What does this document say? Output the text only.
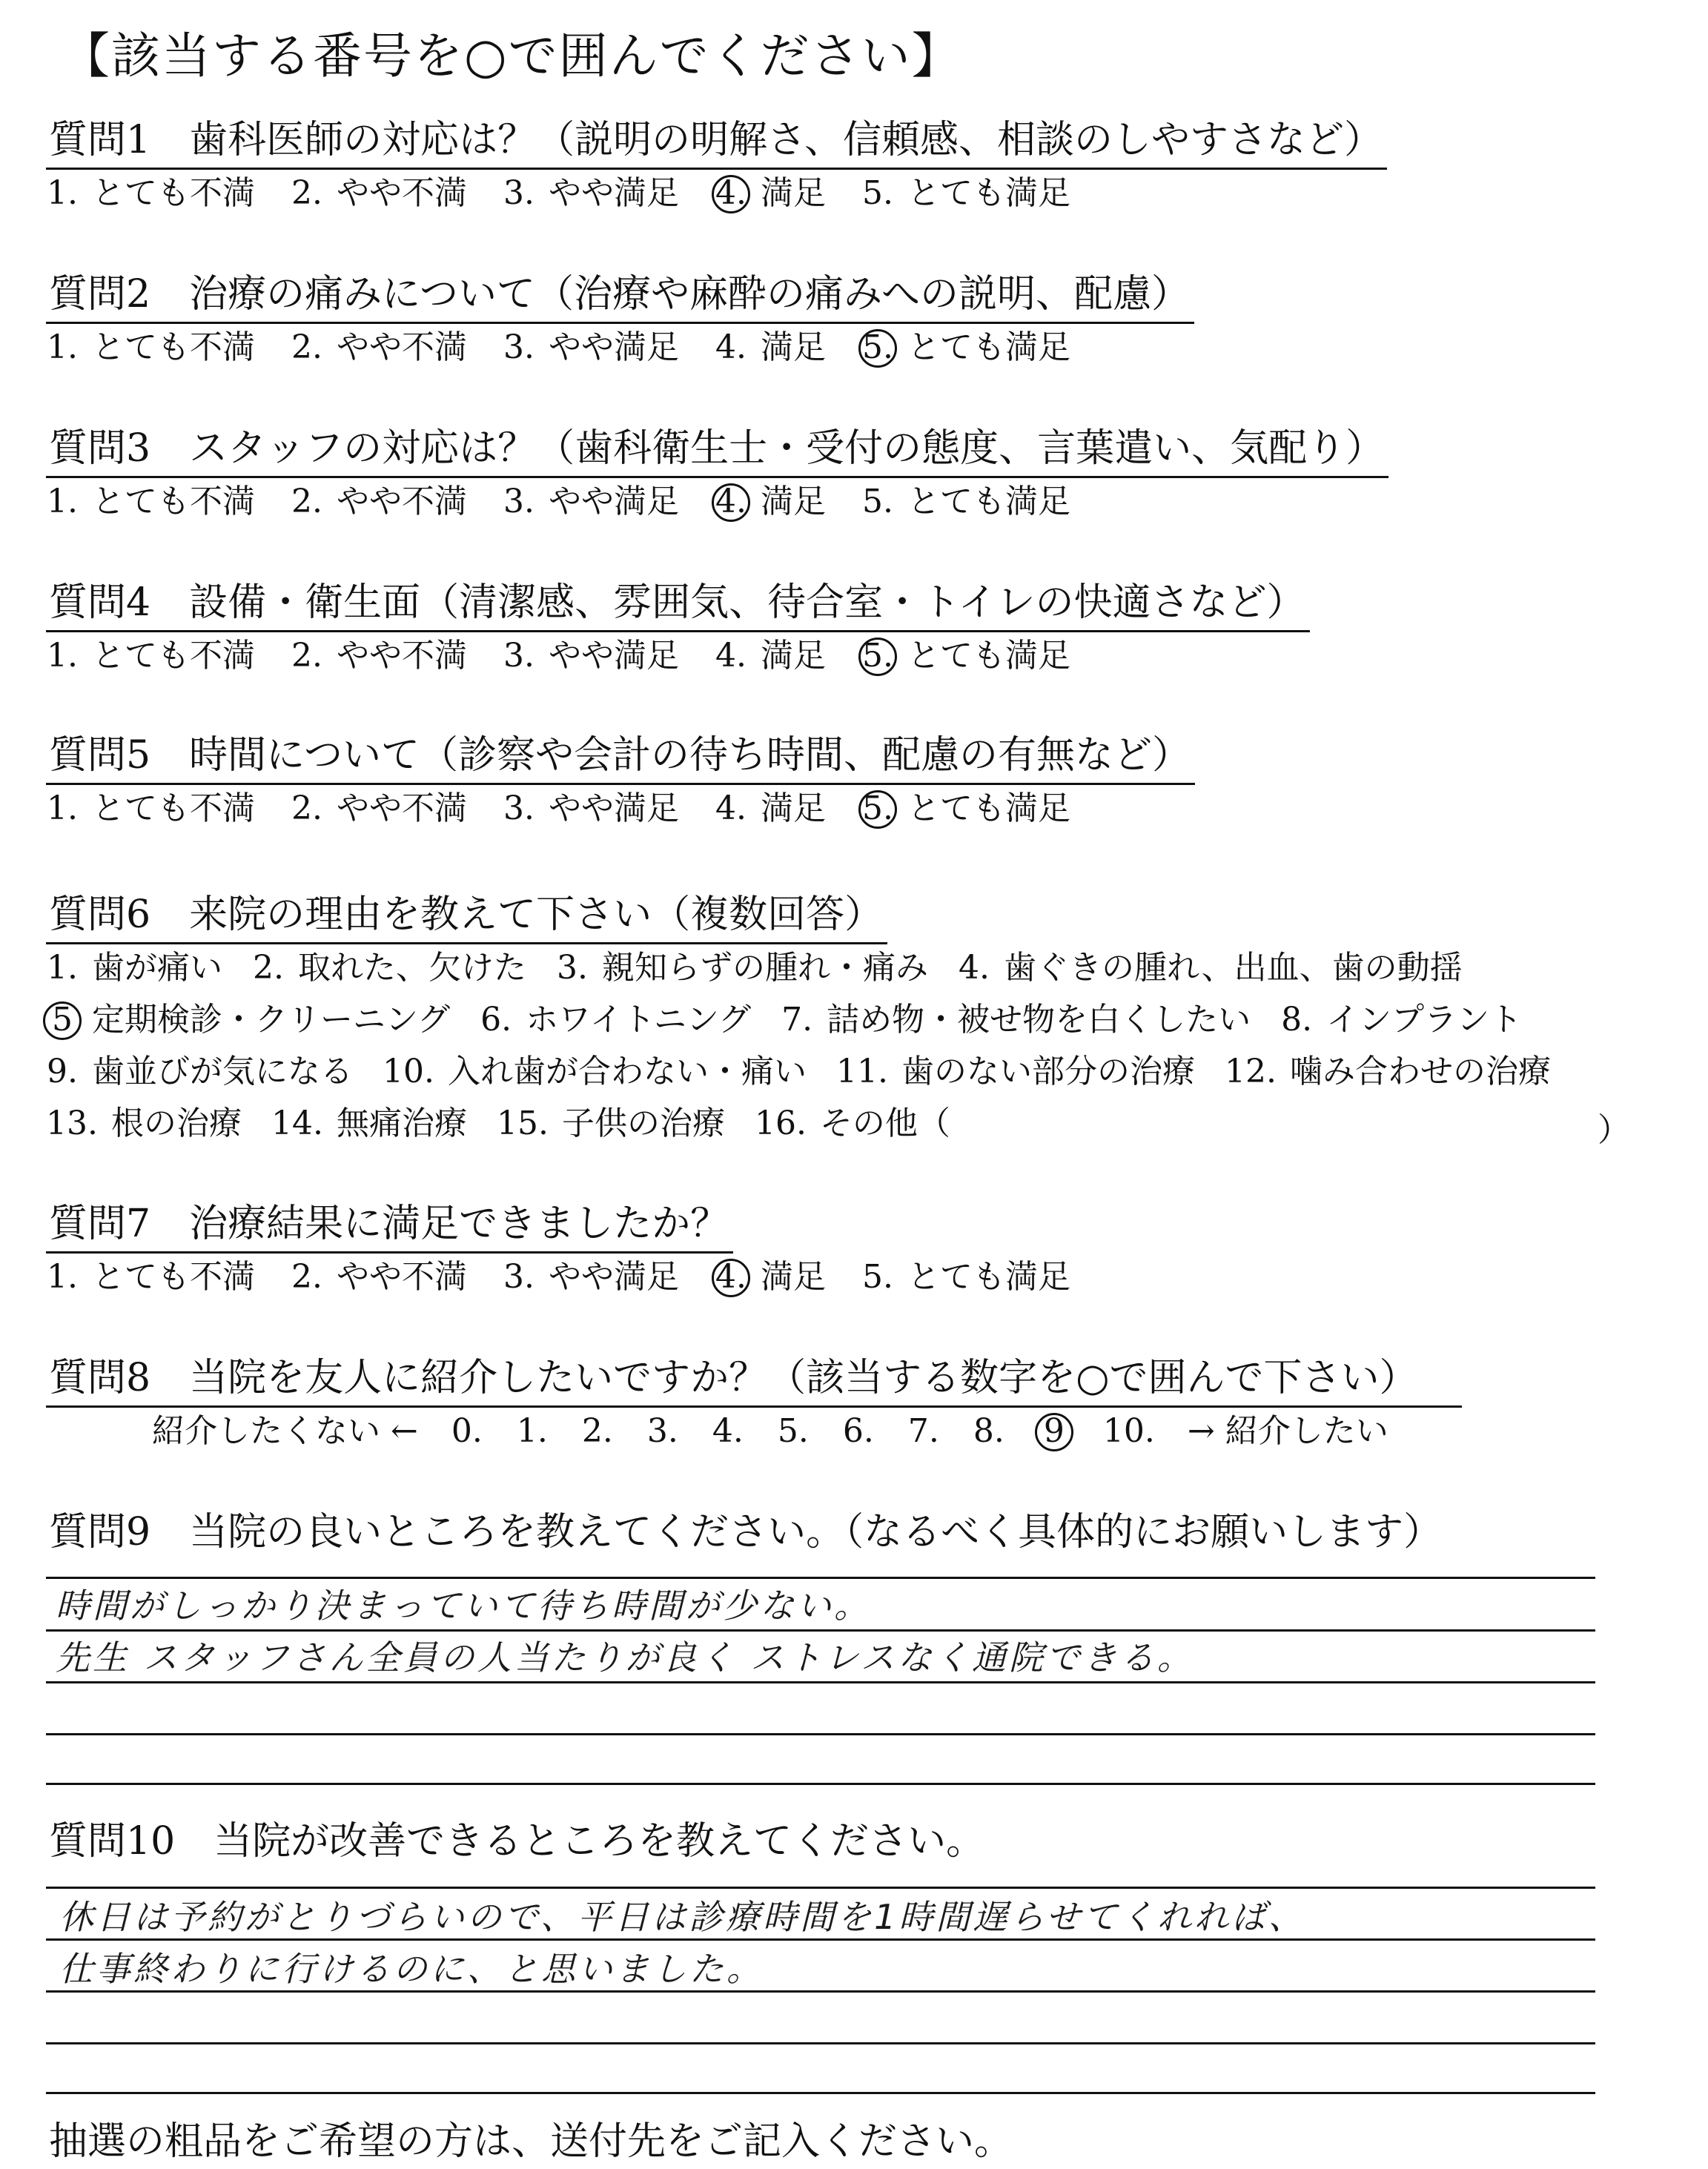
【該当する番号を○で囲んでください】
質問1　歯科医師の対応は？（説明の明解さ、信頼感、相談のしやすさなど）
1. とても不満 2. やや不満 3. やや満足 4. 満足 5. とても満足
質問2　治療の痛みについて（治療や麻酔の痛みへの説明、配慮）
1. とても不満 2. やや不満 3. やや満足 4. 満足 5. とても満足
質問3　スタッフの対応は？（歯科衛生士・受付の態度、言葉遣い、気配り）
1. とても不満 2. やや不満 3. やや満足 4. 満足 5. とても満足
質問4　設備・衛生面（清潔感、雰囲気、待合室・トイレの快適さなど）
1. とても不満 2. やや不満 3. やや満足 4. 満足 5. とても満足
質問5　時間について（診察や会計の待ち時間、配慮の有無など）
1. とても不満 2. やや不満 3. やや満足 4. 満足 5. とても満足
質問6　来院の理由を教えて下さい（複数回答）
1. 歯が痛い 2. 取れた、欠けた 3. 親知らずの腫れ・痛み 4. 歯ぐきの腫れ、出血、歯の動揺
5 定期検診・クリーニング 6. ホワイトニング 7. 詰め物・被せ物を白くしたい 8. インプラント
9. 歯並びが気になる 10. 入れ歯が合わない・痛い 11. 歯のない部分の治療 12. 噛み合わせの治療
13. 根の治療 14. 無痛治療 15. 子供の治療 16. その他（	）
質問7　治療結果に満足できましたか？
1. とても不満 2. やや不満 3. やや満足 4. 満足 5. とても満足
質問8　当院を友人に紹介したいですか？（該当する数字を○で囲んで下さい）
紹介したくない ← 0. 1. 2. 3. 4. 5. 6. 7. 8. 9 10. → 紹介したい
質問9　当院の良いところを教えてください。（なるべく具体的にお願いします）
時間がしっかり決まっていて待ち時間が少ない。
先生 スタッフさん全員の人当たりが良く ストレスなく通院できる。
質問10　当院が改善できるところを教えてください。
休日は予約がとりづらいので、平日は診療時間を1時間遅らせてくれれば、
仕事終わりに行けるのに、と思いました。
抽選の粗品をご希望の方は、送付先をご記入ください。
